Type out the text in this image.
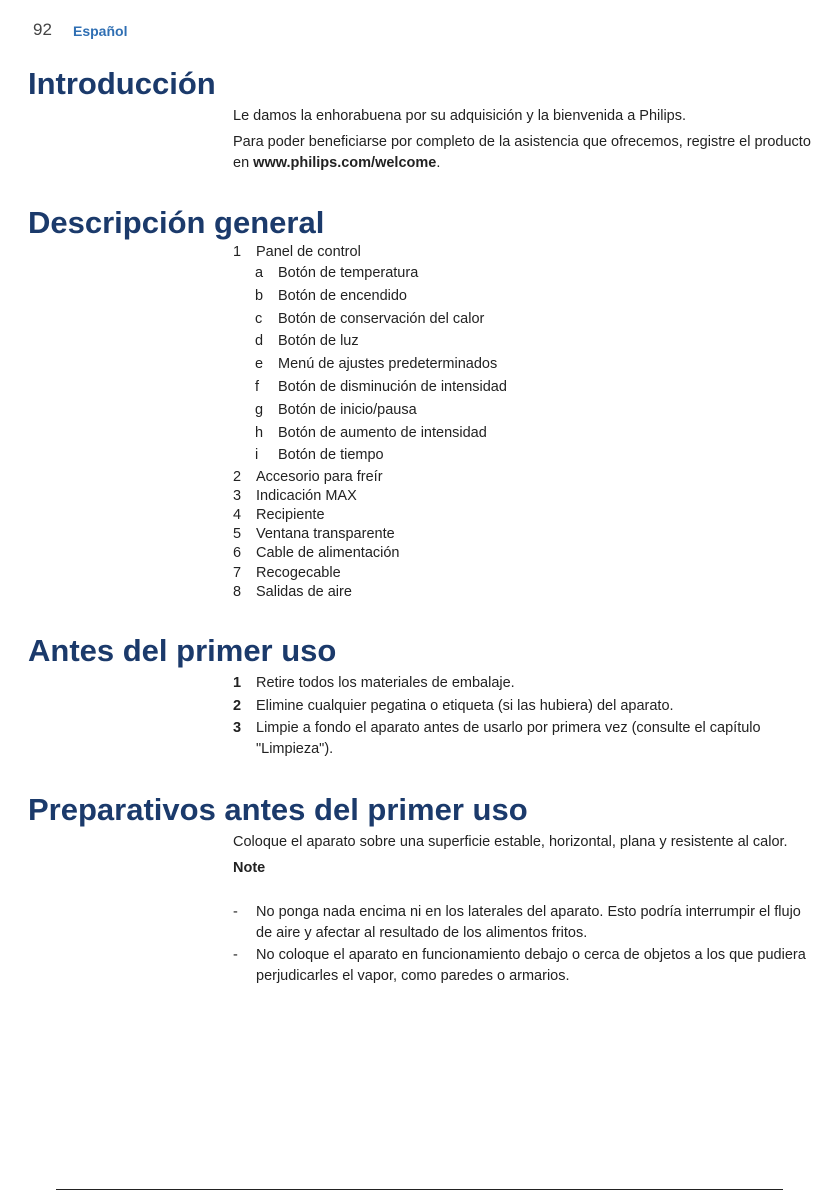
92 Español
Introducción

Le damos la enhorabuena por su adquisición y la bienvenida a Philips.

Para poder beneficiarse por completo de la asistencia que ofrecemos, registre el producto en www.philips.com/welcome.

Descripción general
1 Panel de control
a Botón de temperatura
b Botón de encendido
c Botón de conservación del calor
d Botón de luz
e Menú de ajustes predeterminados
f Botón de disminución de intensidad
g Botón de inicio/pausa
h Botón de aumento de intensidad
i Botón de tiempo
2 Accesorio para freír
3 Indicación MAX
4 Recipiente
5 Ventana transparente
6 Cable de alimentación
7 Recogecable
8 Salidas de aire
Antes del primer uso
1 Retire todos los materiales de embalaje.
2 Elimine cualquier pegatina o etiqueta (si las hubiera) del aparato.
3 Limpie a fondo el aparato antes de usarlo por primera vez (consulte el capítulo "Limpieza").
Preparativos antes del primer uso

Coloque el aparato sobre una superficie estable, horizontal, plana y resistente al calor.

Note

- No ponga nada encima ni en los laterales del aparato. Esto podría interrumpir el flujo de aire y afectar al resultado de los alimentos fritos.
- No coloque el aparato en funcionamiento debajo o cerca de objetos a los que pudiera perjudicarles el vapor, como paredes o armarios.
